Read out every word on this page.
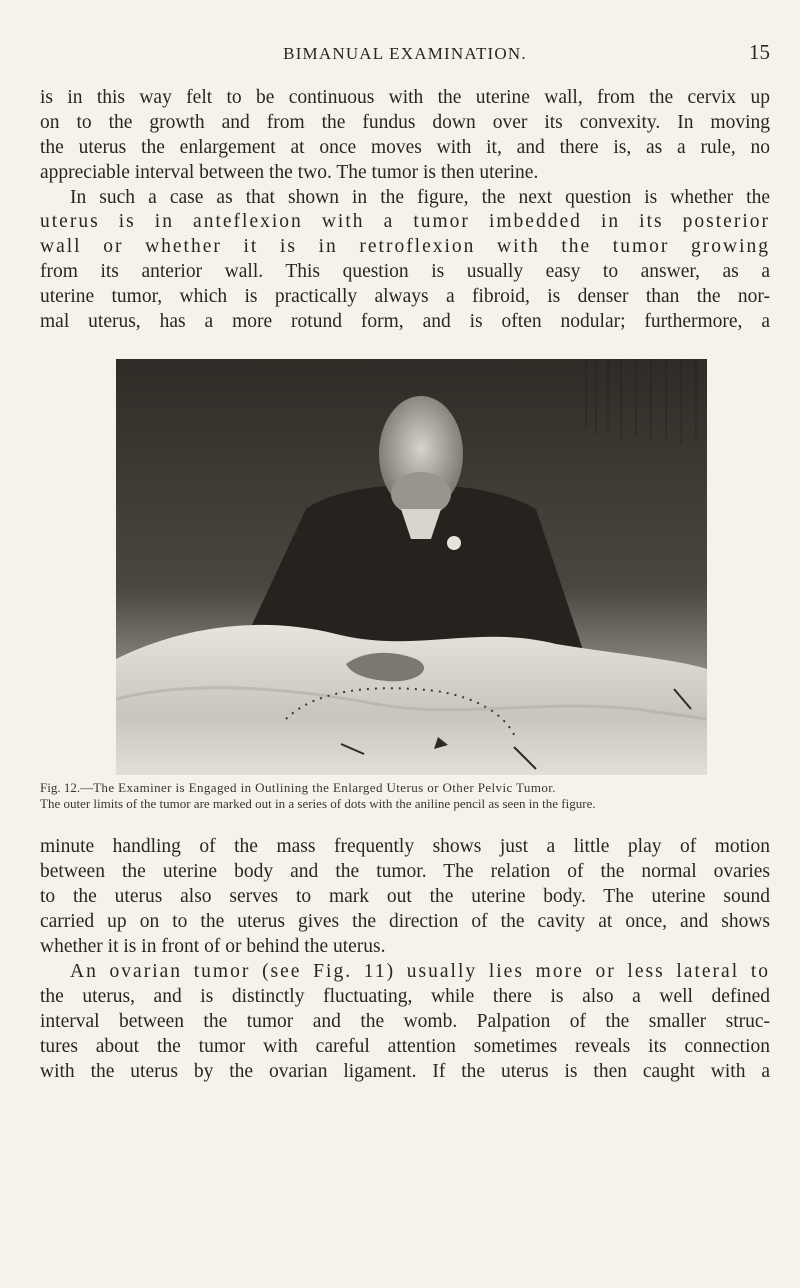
BIMANUAL EXAMINATION.	15

is in this way felt to be continuous with the uterine wall, from the cervix up

on to the growth and from the fundus down over its convexity. In moving

the uterus the enlargement at once moves with it, and there is, as a rule, no

appreciable interval between the two. The tumor is then uterine.

In such a case as that shown in the figure, the next question is whether the

uterus is in anteflexion with a tumor imbedded in its posterior

wall or whether it is in retroflexion with the tumor growing

from its anterior wall. This question is usually easy to answer, as a

uterine tumor, which is practically always a fibroid, is denser than the nor-

mal uterus, has a more rotund form, and is often nodular; furthermore, a

Fig. 12.—The Examiner is Engaged in Outlining the Enlarged Uterus or Other Pelvic Tumor.
The outer limits of the tumor are marked out in a series of dots with the aniline pencil as seen in the figure.

minute handling of the mass frequently shows just a little play of motion

between the uterine body and the tumor. The relation of the normal ovaries

to the uterus also serves to mark out the uterine body. The uterine sound

carried up on to the uterus gives the direction of the cavity at once, and shows

whether it is in front of or behind the uterus.

An ovarian tumor (see Fig. 11) usually lies more or less lateral to

the uterus, and is distinctly fluctuating, while there is also a well defined

interval between the tumor and the womb. Palpation of the smaller struc-

tures about the tumor with careful attention sometimes reveals its connection

with the uterus by the ovarian ligament. If the uterus is then caught with a
